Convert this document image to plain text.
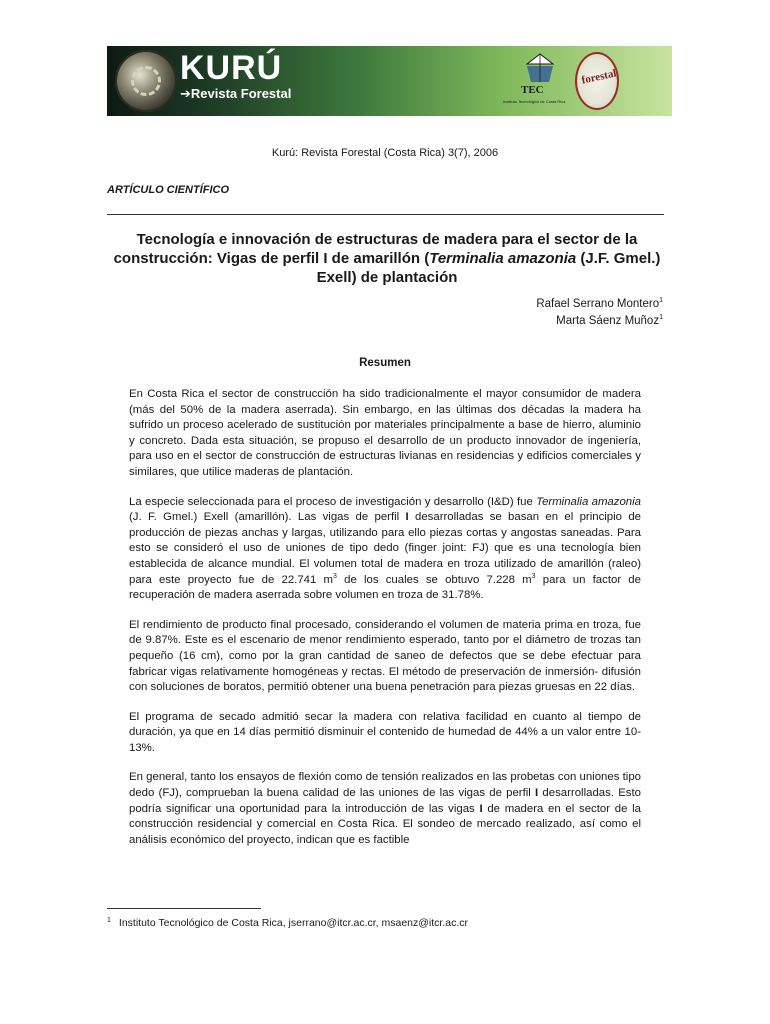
KURÚ
➔Revista Forestal	TEC
Instituto Tecnológico de Costa Rica
forestal
Kurú: Revista Forestal (Costa Rica) 3(7), 2006
ARTÍCULO CIENTÍFICO
Tecnología e innovación de estructuras de madera para el sector de la
construcción: Vigas de perfil I de amarillón (Terminalia amazonia (J.F. Gmel.)
Exell) de plantación
Rafael Serrano Montero$^1$
Marta Sáenz Muñoz$^1$
Resumen

En Costa Rica el sector de construcción ha sido tradicionalmente el mayor consumidor de madera (más del 50% de la madera aserrada). Sin embargo, en las últimas dos décadas la madera ha sufrido un proceso acelerado de sustitución por materiales principalmente a base de hierro, aluminio y concreto. Dada esta situación, se propuso el desarrollo de un producto innovador de ingeniería, para uso en el sector de construcción de estructuras livianas en residencias y edificios comerciales y similares, que utilice maderas de plantación.

La especie seleccionada para el proceso de investigación y desarrollo (I&D) fue Terminalia amazonia (J. F. Gmel.) Exell (amarillón). Las vigas de perfil I desarrolladas se basan en el principio de producción de piezas anchas y largas, utilizando para ello piezas cortas y angostas saneadas. Para esto se consideró el uso de uniones de tipo dedo (finger joint: FJ) que es una tecnología bien establecida de alcance mundial. El volumen total de madera en troza utilizado de amarillón (raleo) para este proyecto fue de 22.741 $m^3$ de los cuales se obtuvo 7.228 $m^3$ para un factor de recuperación de madera aserrada sobre volumen en troza de 31.78%.

El rendimiento de producto final procesado, considerando el volumen de materia prima en troza, fue de 9.87%. Este es el escenario de menor rendimiento esperado, tanto por el diámetro de trozas tan pequeño (16 cm), como por la gran cantidad de saneo de defectos que se debe efectuar para fabricar vigas relativamente homogéneas y rectas. El método de preservación de inmersión- difusión con soluciones de boratos, permitió obtener una buena penetración para piezas gruesas en 22 días.

El programa de secado admitió secar la madera con relativa facilidad en cuanto al tiempo de duración, ya que en 14 días permitió disminuir el contenido de humedad de 44% a un valor entre 10-13%.

En general, tanto los ensayos de flexión como de tensión realizados en las probetas con uniones tipo dedo (FJ), comprueban la buena calidad de las uniones de las vigas de perfil I desarrolladas. Esto podría significar una oportunidad para la introducción de las vigas I de madera en el sector de la construcción residencial y comercial en Costa Rica. El sondeo de mercado realizado, así como el análisis económico del proyecto, indican que es factible

$^1$ Instituto Tecnológico de Costa Rica, jserrano@itcr.ac.cr, msaenz@itcr.ac.cr
